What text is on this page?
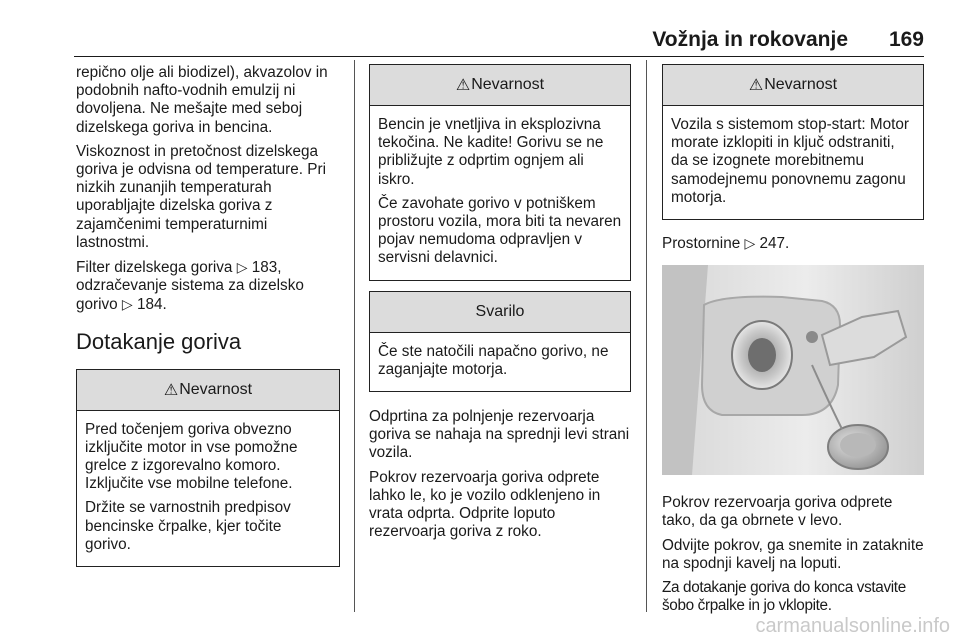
Vožnja in rokovanje 169

repično olje ali biodizel), akvazolov in podobnih nafto-vodnih emulzij ni dovoljena. Ne mešajte med seboj dizelskega goriva in bencina.

Viskoznost in pretočnost dizelskega goriva je odvisna od temperature. Pri nizkih zunanjih temperaturah uporabljajte dizelska goriva z zajamčenimi temperaturnimi lastnostmi.

Filter dizelskega goriva ▷ 183, odzračevanje sistema za dizelsko gorivo ▷ 184.

Dotakanje goriva
⚠ Nevarnost

Pred točenjem goriva obvezno izključite motor in vse pomožne grelce z izgorevalno komoro. Izključite vse mobilne telefone.

Držite se varnostnih predpisov bencinske črpalke, kjer točite gorivo.

⚠ Nevarnost

Bencin je vnetljiva in eksplozivna tekočina. Ne kadite! Gorivu se ne približujte z odprtim ognjem ali iskro.

Če zavohate gorivo v potniškem prostoru vozila, mora biti ta nevaren pojav nemudoma odpravljen v servisni delavnici.

Svarilo

Če ste natočili napačno gorivo, ne zaganjajte motorja.

Odprtina za polnjenje rezervoarja goriva se nahaja na sprednji levi strani vozila.

Pokrov rezervoarja goriva odprete lahko le, ko je vozilo odklenjeno in vrata odprta. Odprite loputo rezervoarja goriva z roko.

⚠ Nevarnost

Vozila s sistemom stop-start: Motor morate izklopiti in ključ odstraniti, da se izognete morebitnemu samodejnemu ponovnemu zagonu motorja.

Prostornine ▷ 247.

Pokrov rezervoarja goriva odprete tako, da ga obrnete v levo.

Odvijte pokrov, ga snemite in zataknite na spodnji kavelj na loputi.

Za dotakanje goriva do konca vstavite šobo črpalke in jo vklopite.

carmanualsonline.info
